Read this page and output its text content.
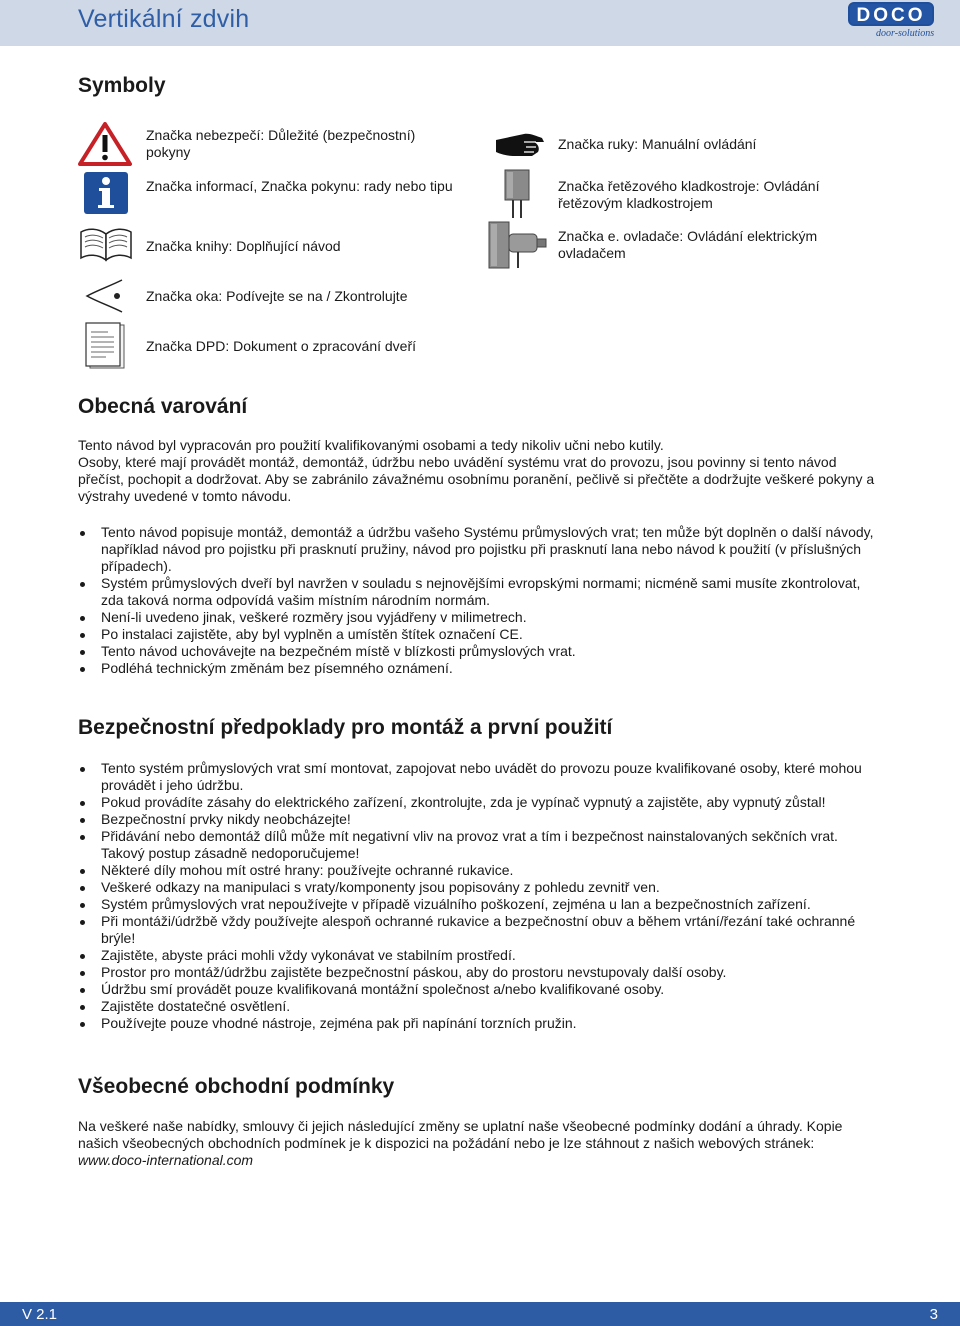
Vertikální zdvih	DOCO
door-solutions
Symboly
Značka nebezpečí: Důležité (bezpečnostní) pokyny
Značka informací, Značka pokynu: rady nebo tipu
Značka knihy: Doplňující návod
Značka ruky: Manuální ovládání
Značka řetězového kladkostroje: Ovládání řetězovým kladkostrojem
Značka e. ovladače: Ovládání elektrickým ovladačem
Značka oka: Podívejte se na / Zkontrolujte
Značka DPD: Dokument o zpracování dveří
Obecná varování

Tento návod byl vypracován pro použití kvalifikovanými osobami a tedy nikoliv učni nebo kutily.

Osoby, které mají provádět montáž, demontáž, údržbu nebo uvádění systému vrat do provozu, jsou povinny si tento návod přečíst, pochopit a dodržovat. Aby se zabránilo závažnému osobnímu poranění, pečlivě si přečtěte a dodržujte veškeré pokyny a výstrahy uvedené v tomto návodu.

Tento návod popisuje montáž, demontáž a údržbu vašeho Systému průmyslových vrat; ten může být doplněn o další návody, například návod pro pojistku při prasknutí pružiny, návod pro pojistku při prasknutí lana nebo návod k použití (v příslušných případech).
Systém průmyslových dveří byl navržen v souladu s nejnovějšími evropskými normami; nicméně sami musíte zkontrolovat, zda taková norma odpovídá vašim místním národním normám.
Není-li uvedeno jinak, veškeré rozměry jsou vyjádřeny v milimetrech.
Po instalaci zajistěte, aby byl vyplněn a umístěn štítek označení CE.
Tento návod uchovávejte na bezpečném místě v blízkosti průmyslových vrat.
Podléhá technickým změnám bez písemného oznámení.
Bezpečnostní předpoklady pro montáž a první použití
Tento systém průmyslových vrat smí montovat, zapojovat nebo uvádět do provozu pouze kvalifikované osoby, které mohou provádět i jeho údržbu.
Pokud provádíte zásahy do elektrického zařízení, zkontrolujte, zda je vypínač vypnutý a zajistěte, aby vypnutý zůstal!
Bezpečnostní prvky nikdy neobcházejte!
Přidávání nebo demontáž dílů může mít negativní vliv na provoz vrat a tím i bezpečnost nainstalovaných sekčních vrat. Takový postup zásadně nedoporučujeme!
Některé díly mohou mít ostré hrany: používejte ochranné rukavice.
Veškeré odkazy na manipulaci s vraty/komponenty jsou popisovány z pohledu zevnitř ven.
Systém průmyslových vrat nepoužívejte v případě vizuálního poškození, zejména u lan a bezpečnostních zařízení.
Při montáži/údržbě vždy používejte alespoň ochranné rukavice a bezpečnostní obuv a během vrtání/řezání také ochranné brýle!
Zajistěte, abyste práci mohli vždy vykonávat ve stabilním prostředí.
Prostor pro montáž/údržbu zajistěte bezpečnostní páskou, aby do prostoru nevstupovaly další osoby.
Údržbu smí provádět pouze kvalifikovaná montážní společnost a/nebo kvalifikované osoby.
Zajistěte dostatečné osvětlení.
Používejte pouze vhodné nástroje, zejména pak při napínání torzních pružin.
Všeobecné obchodní podmínky

Na veškeré naše nabídky, smlouvy či jejich následující změny se uplatní naše všeobecné podmínky dodání a úhrady. Kopie našich všeobecných obchodních podmínek je k dispozici na požádání nebo je lze stáhnout z našich webových stránek: www.doco-international.com

V 2.1	3
